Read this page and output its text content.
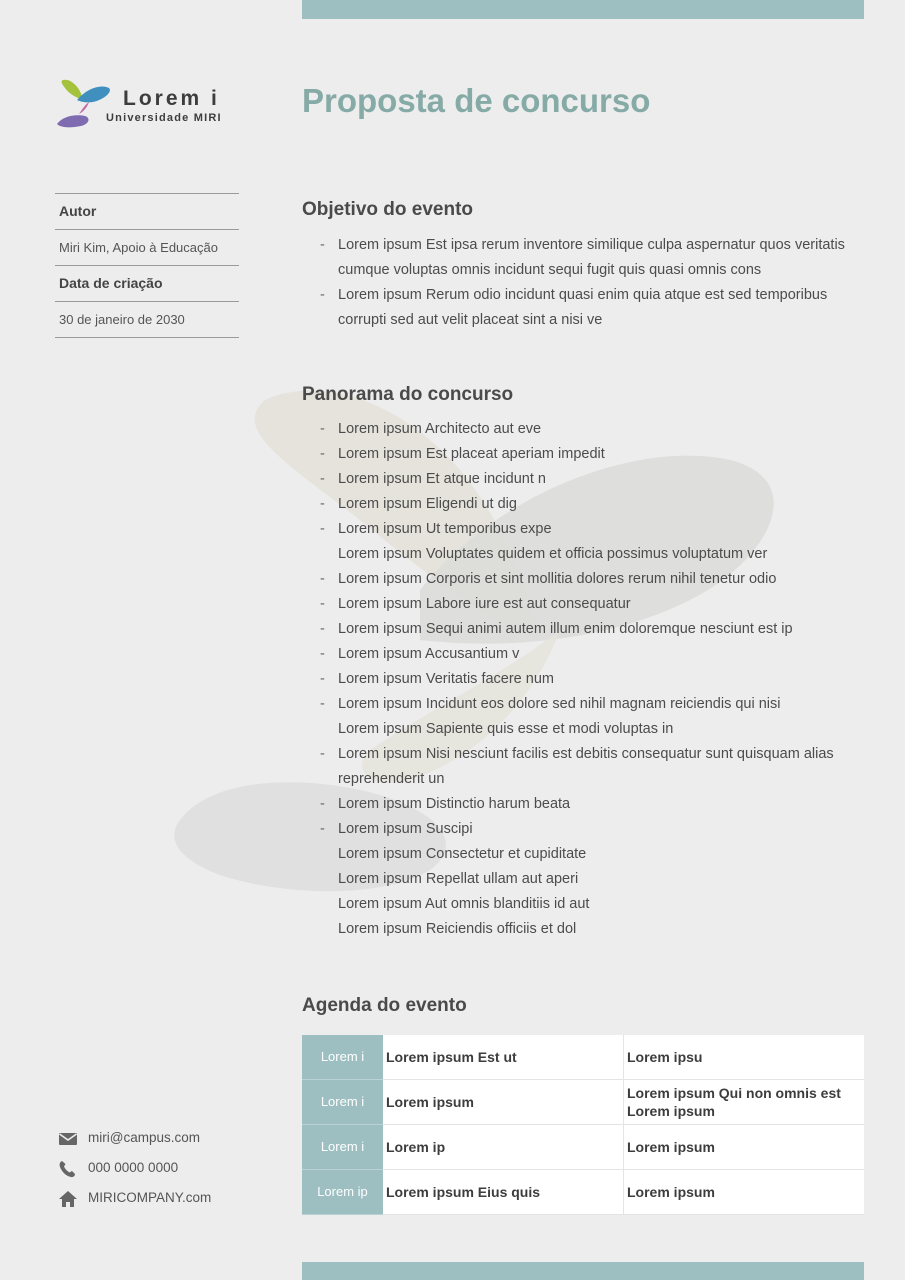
Lorem i
Universidade MIRI Proposta de concurso
Autor
Miri Kim, Apoio à Educação
Data de criação
30 de janeiro de 2030
Objetivo do evento
- Lorem ipsum Est ipsa rerum inventore similique culpa aspernatur quos veritatis cumque voluptas omnis incidunt sequi fugit quis quasi omnis cons
- Lorem ipsum Rerum odio incidunt quasi enim quia atque est sed temporibus corrupti sed aut velit placeat sint a nisi ve
Panorama do concurso
- Lorem ipsum Architecto aut eve
- Lorem ipsum Est placeat aperiam impedit
- Lorem ipsum Et atque incidunt n
- Lorem ipsum Eligendi ut dig
- Lorem ipsum Ut temporibus expe
Lorem ipsum Voluptates quidem et officia possimus voluptatum ver
- Lorem ipsum Corporis et sint mollitia dolores rerum nihil tenetur odio
- Lorem ipsum Labore iure est aut consequatur
- Lorem ipsum Sequi animi autem illum enim doloremque nesciunt est ip
- Lorem ipsum Accusantium v
- Lorem ipsum Veritatis facere num
- Lorem ipsum Incidunt eos dolore sed nihil magnam reiciendis qui nisi
Lorem ipsum Sapiente quis esse et modi voluptas in
- Lorem ipsum Nisi nesciunt facilis est debitis consequatur sunt quisquam alias
reprehenderit un
- Lorem ipsum Distinctio harum beata
- Lorem ipsum Suscipi
Lorem ipsum Consectetur et cupiditate
Lorem ipsum Repellat ullam aut aperi
Lorem ipsum Aut omnis blanditiis id aut
Lorem ipsum Reiciendis officiis et dol
Agenda do evento
Lorem i	Lorem ipsum Est ut	Lorem ipsu
Lorem i	Lorem ipsum	Lorem ipsum Qui non omnis est Lorem ipsum
Lorem i	Lorem ip	Lorem ipsum
Lorem ip	Lorem ipsum Eius quis	Lorem ipsum
miri@campus.com
000 0000 0000
MIRICOMPANY.com
